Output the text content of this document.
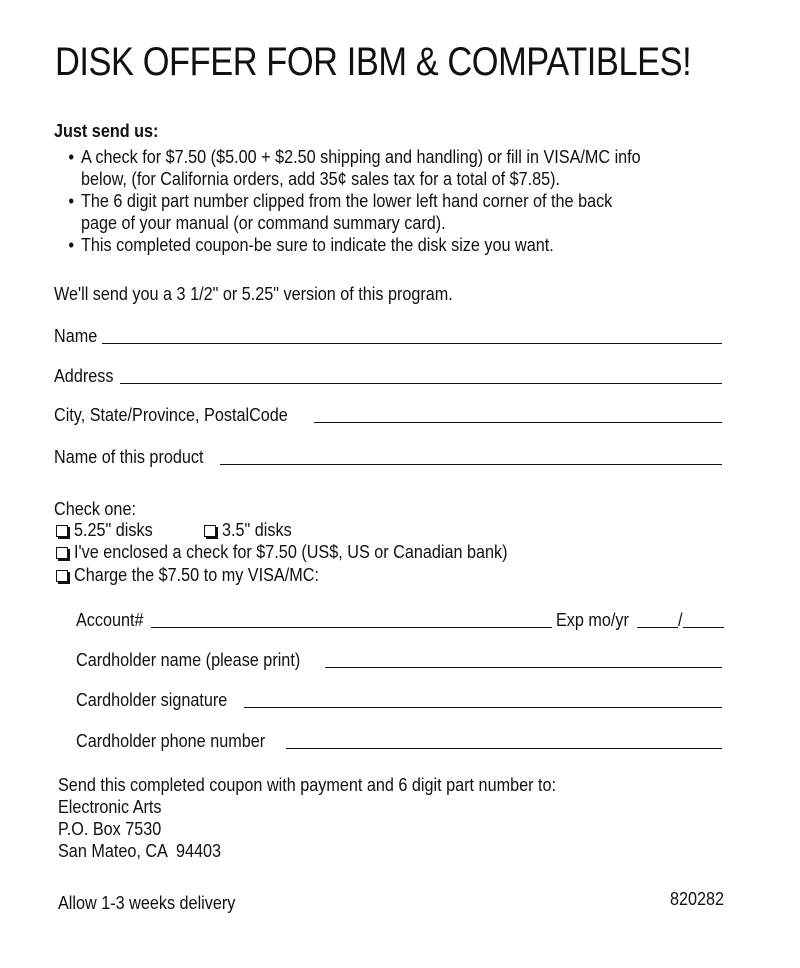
DISK OFFER FOR IBM & COMPATIBLES!
Just send us:
• A check for $7.50 ($5.00 + $2.50 shipping and handling) or fill in VISA/MC info
below, (for California orders, add 35¢ sales tax for a total of $7.85).
• The 6 digit part number clipped from the lower left hand corner of the back
page of your manual (or command summary card).
• This completed coupon-be sure to indicate the disk size you want.
We'll send you a 3 1/2" or 5.25" version of this program.
Name
Address
City, State/Province, PostalCode
Name of this product
Check one:
5.25" disks	3.5" disks
I've enclosed a check for $7.50 (US$, US or Canadian bank)
Charge the $7.50 to my VISA/MC:
Account#	Exp mo/yr	/
Cardholder name (please print)
Cardholder signature
Cardholder phone number
Send this completed coupon with payment and 6 digit part number to:
Electronic Arts
P.O. Box 7530
San Mateo, CA  94403
Allow 1-3 weeks delivery	820282
